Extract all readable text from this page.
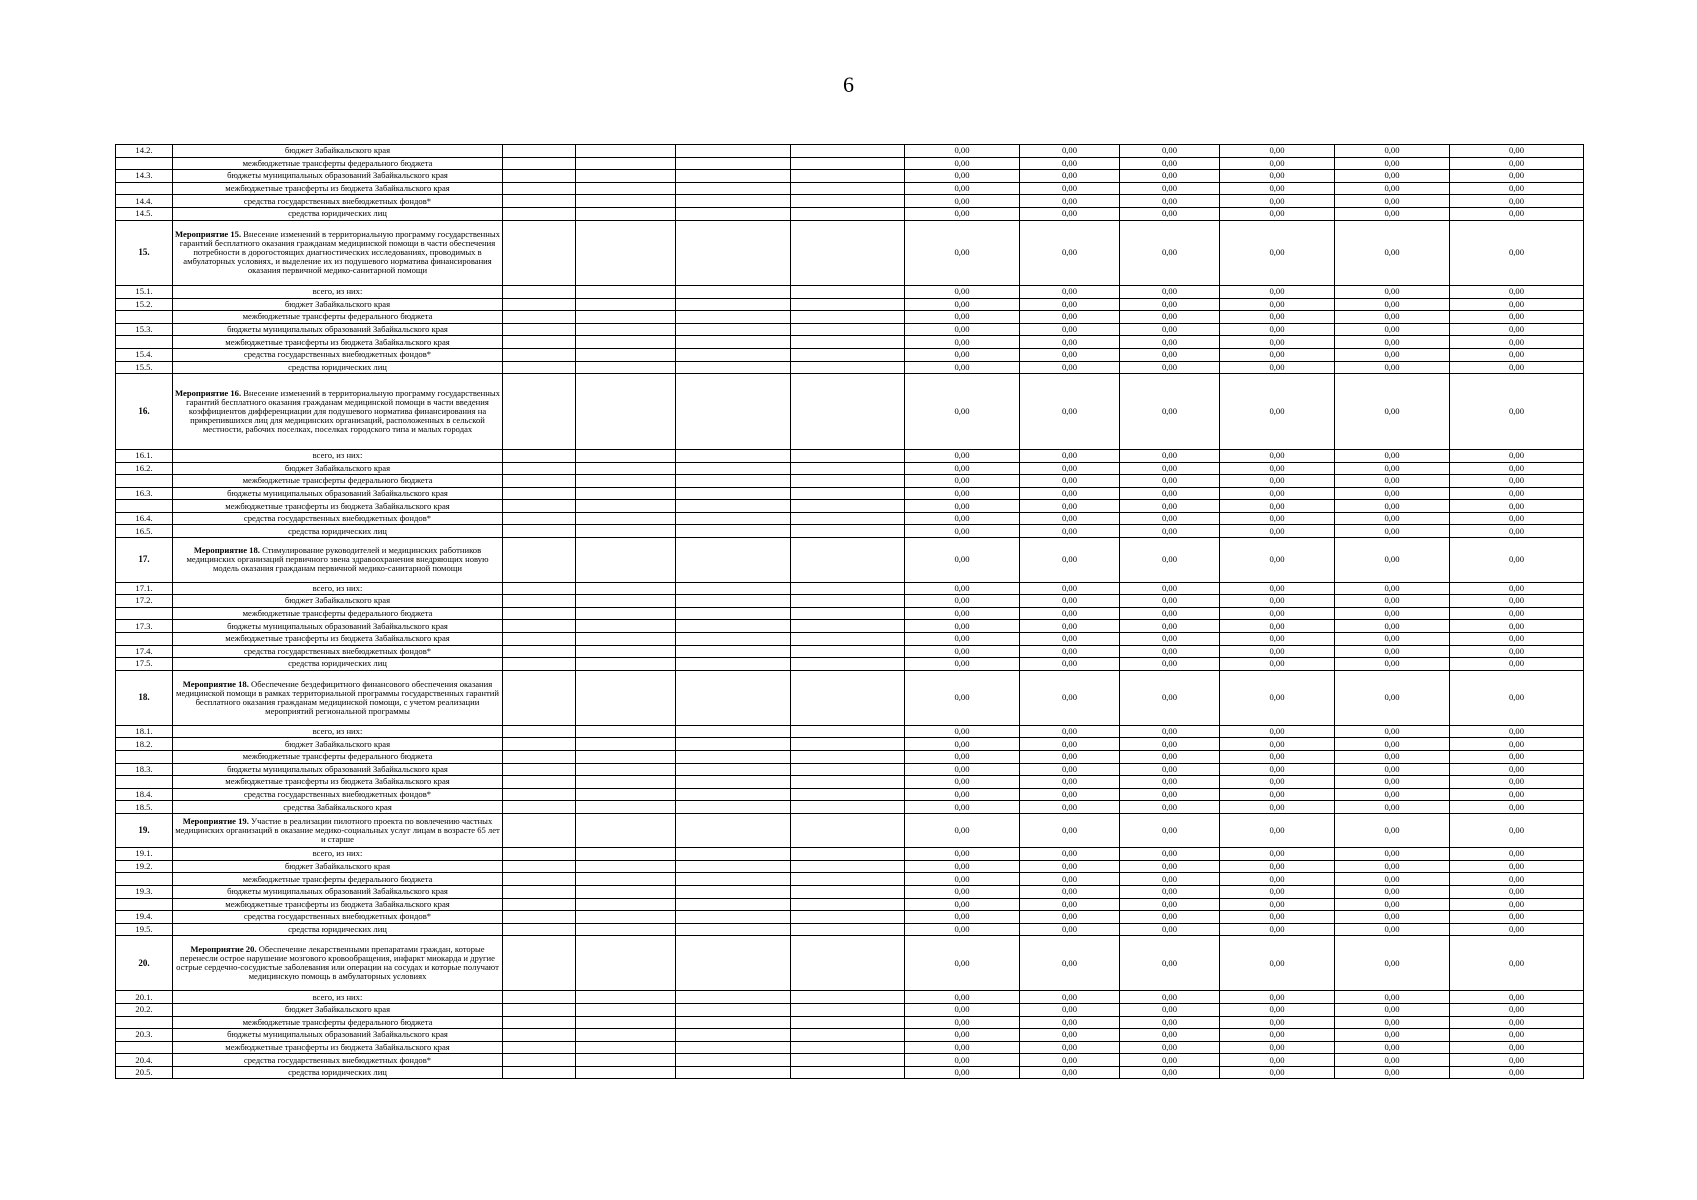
6
14.2.	бюджет Забайкальского края					0,00	0,00	0,00	0,00	0,00	0,00
	межбюджетные трансферты федерального бюджета					0,00	0,00	0,00	0,00	0,00	0,00
14.3.	бюджеты муниципальных образований Забайкальского края					0,00	0,00	0,00	0,00	0,00	0,00
	межбюджетные трансферты из бюджета Забайкальского края					0,00	0,00	0,00	0,00	0,00	0,00
14.4.	средства государственных внебюджетных фондов*					0,00	0,00	0,00	0,00	0,00	0,00
14.5.	средства юридических лиц					0,00	0,00	0,00	0,00	0,00	0,00
15.	Мероприятие 15. Внесение изменений в территориальную программу государственных гарантий бесплатного оказания гражданам медицинской помощи в части обеспечения потребности в дорогостоящих диагностических исследованиях, проводимых в амбулаторных условиях, и выделение их из подушевого норматива финансирования оказания первичной медико-санитарной помощи					0,00	0,00	0,00	0,00	0,00	0,00
15.1.	всего, из них:					0,00	0,00	0,00	0,00	0,00	0,00
15.2.	бюджет Забайкальского края					0,00	0,00	0,00	0,00	0,00	0,00
	межбюджетные трансферты федерального бюджета					0,00	0,00	0,00	0,00	0,00	0,00
15.3.	бюджеты муниципальных образований Забайкальского края					0,00	0,00	0,00	0,00	0,00	0,00
	межбюджетные трансферты из бюджета Забайкальского края					0,00	0,00	0,00	0,00	0,00	0,00
15.4.	средства государственных внебюджетных фондов*					0,00	0,00	0,00	0,00	0,00	0,00
15.5.	средства юридических лиц					0,00	0,00	0,00	0,00	0,00	0,00
16.	Мероприятие 16. Внесение изменений в территориальную программу государственных гарантий бесплатного оказания гражданам медицинской помощи в части введения коэффициентов дифференциации для подушевого норматива финансирования на прикрепившихся лиц для медицинских организаций, расположенных в сельской местности, рабочих поселках, поселках городского типа и малых городах					0,00	0,00	0,00	0,00	0,00	0,00
16.1.	всего, из них:					0,00	0,00	0,00	0,00	0,00	0,00
16.2.	бюджет Забайкальского края					0,00	0,00	0,00	0,00	0,00	0,00
	межбюджетные трансферты федерального бюджета					0,00	0,00	0,00	0,00	0,00	0,00
16.3.	бюджеты муниципальных образований Забайкальского края					0,00	0,00	0,00	0,00	0,00	0,00
	межбюджетные трансферты из бюджета Забайкальского края					0,00	0,00	0,00	0,00	0,00	0,00
16.4.	средства государственных внебюджетных фондов*					0,00	0,00	0,00	0,00	0,00	0,00
16.5.	средства юридических лиц					0,00	0,00	0,00	0,00	0,00	0,00
17.	Мероприятие 18. Стимулирование руководителей и медицинских работников медицинских организаций первичного звена здравоохранения внедряющих новую модель оказания гражданам первичной медико-санитарной помощи					0,00	0,00	0,00	0,00	0,00	0,00
17.1.	всего, из них:					0,00	0,00	0,00	0,00	0,00	0,00
17.2.	бюджет Забайкальского края					0,00	0,00	0,00	0,00	0,00	0,00
	межбюджетные трансферты федерального бюджета					0,00	0,00	0,00	0,00	0,00	0,00
17.3.	бюджеты муниципальных образований Забайкальского края					0,00	0,00	0,00	0,00	0,00	0,00
	межбюджетные трансферты из бюджета Забайкальского края					0,00	0,00	0,00	0,00	0,00	0,00
17.4.	средства государственных внебюджетных фондов*					0,00	0,00	0,00	0,00	0,00	0,00
17.5.	средства юридических лиц					0,00	0,00	0,00	0,00	0,00	0,00
18.	Мероприятие 18. Обеспечение бездефицитного финансового обеспечения оказания медицинской помощи в рамках территориальной программы государственных гарантий бесплатного оказания гражданам медицинской помощи, с учетом реализации мероприятий региональной программы					0,00	0,00	0,00	0,00	0,00	0,00
18.1.	всего, из них:					0,00	0,00	0,00	0,00	0,00	0,00
18.2.	бюджет Забайкальского края					0,00	0,00	0,00	0,00	0,00	0,00
	межбюджетные трансферты федерального бюджета					0,00	0,00	0,00	0,00	0,00	0,00
18.3.	бюджеты муниципальных образований Забайкальского края					0,00	0,00	0,00	0,00	0,00	0,00
	межбюджетные трансферты из бюджета Забайкальского края					0,00	0,00	0,00	0,00	0,00	0,00
18.4.	средства государственных внебюджетных фондов*					0,00	0,00	0,00	0,00	0,00	0,00
18.5.	средства Забайкальского края					0,00	0,00	0,00	0,00	0,00	0,00
19.	Мероприятие 19. Участие в реализации пилотного проекта по вовлечению частных медицинских организаций в оказание медико-социальных услуг лицам в возрасте 65 лет и старше					0,00	0,00	0,00	0,00	0,00	0,00
19.1.	всего, из них:					0,00	0,00	0,00	0,00	0,00	0,00
19.2.	бюджет Забайкальского края					0,00	0,00	0,00	0,00	0,00	0,00
	межбюджетные трансферты федерального бюджета					0,00	0,00	0,00	0,00	0,00	0,00
19.3.	бюджеты муниципальных образований Забайкальского края					0,00	0,00	0,00	0,00	0,00	0,00
	межбюджетные трансферты из бюджета Забайкальского края					0,00	0,00	0,00	0,00	0,00	0,00
19.4.	средства государственных внебюджетных фондов*					0,00	0,00	0,00	0,00	0,00	0,00
19.5.	средства юридических лиц					0,00	0,00	0,00	0,00	0,00	0,00
20.	Мероприятие 20. Обеспечение лекарственными препаратами граждан, которые перенесли острое нарушение мозгового кровообращения, инфаркт миокарда и другие острые сердечно-сосудистые заболевания или операции на сосудах и которые получают медицинскую помощь в амбулаторных условиях					0,00	0,00	0,00	0,00	0,00	0,00
20.1.	всего, из них:					0,00	0,00	0,00	0,00	0,00	0,00
20.2.	бюджет Забайкальского края					0,00	0,00	0,00	0,00	0,00	0,00
	межбюджетные трансферты федерального бюджета					0,00	0,00	0,00	0,00	0,00	0,00
20.3.	бюджеты муниципальных образований Забайкальского края					0,00	0,00	0,00	0,00	0,00	0,00
	межбюджетные трансферты из бюджета Забайкальского края					0,00	0,00	0,00	0,00	0,00	0,00
20.4.	средства государственных внебюджетных фондов*					0,00	0,00	0,00	0,00	0,00	0,00
20.5.	средства юридических лиц					0,00	0,00	0,00	0,00	0,00	0,00
